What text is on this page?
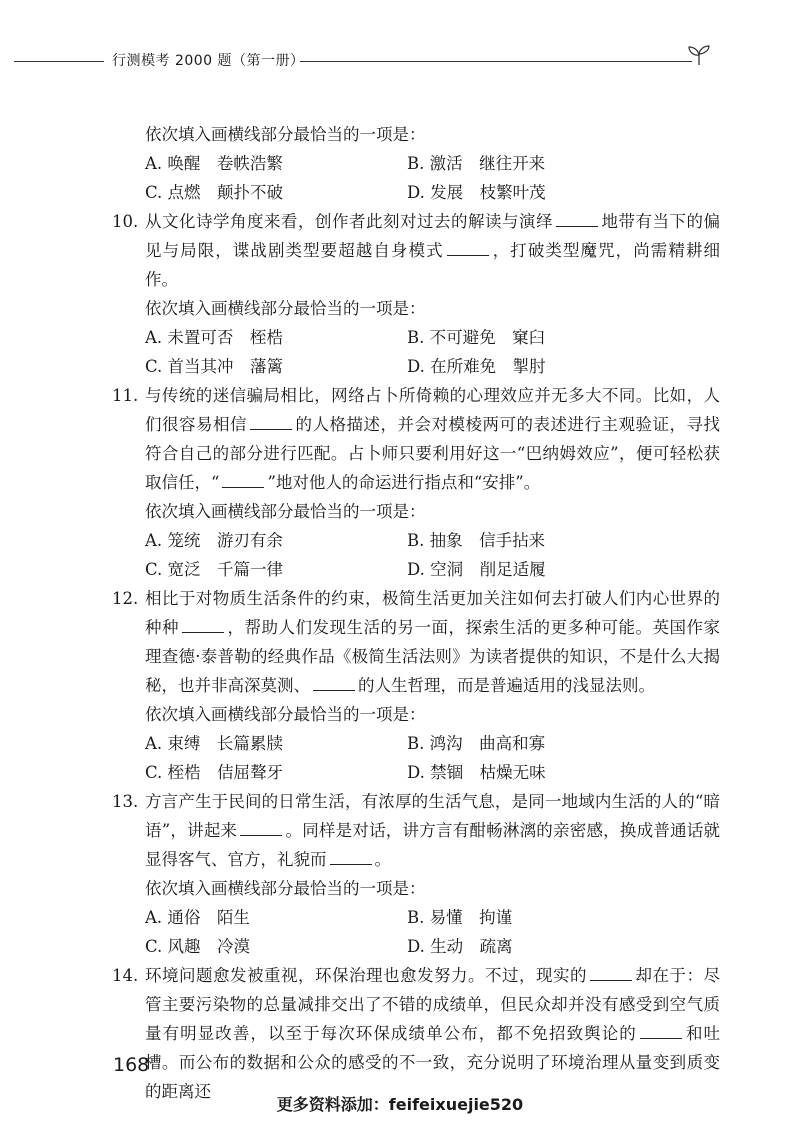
行测模考 2000 题（第一册）

依次填入画横线部分最恰当的一项是：

A. 唤醒　卷帙浩繁	B. 激活　继往开来

C. 点燃　颠扑不破	D. 发展　枝繁叶茂

10. 从文化诗学角度来看，创作者此刻对过去的解读与演绎	地带有当下的偏见与局限，谍战剧类型要超越自身模式	，打破类型魔咒，尚需精耕细作。

依次填入画横线部分最恰当的一项是：

A. 未置可否　桎梏	B. 不可避免　窠臼

C. 首当其冲　藩篱	D. 在所难免　掣肘

11. 与传统的迷信骗局相比，网络占卜所倚赖的心理效应并无多大不同。比如，人们很容易相信	的人格描述，并会对模棱两可的表述进行主观验证，寻找符合自己的部分进行匹配。占卜师只要利用好这一“巴纳姆效应”，便可轻松获取信任，“	”地对他人的命运进行指点和“安排”。

依次填入画横线部分最恰当的一项是：

A. 笼统　游刃有余	B. 抽象　信手拈来

C. 宽泛　千篇一律	D. 空洞　削足适履

12. 相比于对物质生活条件的约束，极简生活更加关注如何去打破人们内心世界的种种	，帮助人们发现生活的另一面，探索生活的更多种可能。英国作家理查德·泰普勒的经典作品《极简生活法则》为读者提供的知识，不是什么大揭秘，也并非高深莫测、	的人生哲理，而是普遍适用的浅显法则。

依次填入画横线部分最恰当的一项是：

A. 束缚　长篇累牍	B. 鸿沟　曲高和寡

C. 桎梏　佶屈聱牙	D. 禁锢　枯燥无味

13. 方言产生于民间的日常生活，有浓厚的生活气息，是同一地域内生活的人的“暗语”，讲起来	。同样是对话，讲方言有酣畅淋漓的亲密感，换成普通话就显得客气、官方，礼貌而	。

依次填入画横线部分最恰当的一项是：

A. 通俗　陌生	B. 易懂　拘谨

C. 风趣　冷漠	D. 生动　疏离

14. 环境问题愈发被重视，环保治理也愈发努力。不过，现实的	却在于：尽管主要污染物的总量减排交出了不错的成绩单，但民众却并没有感受到空气质量有明显改善，以至于每次环保成绩单公布，都不免招致舆论的	和吐槽。而公布的数据和公众的感受的不一致，充分说明了环境治理从量变到质变的距离还

168
更多资料添加：feifeixuejie520
